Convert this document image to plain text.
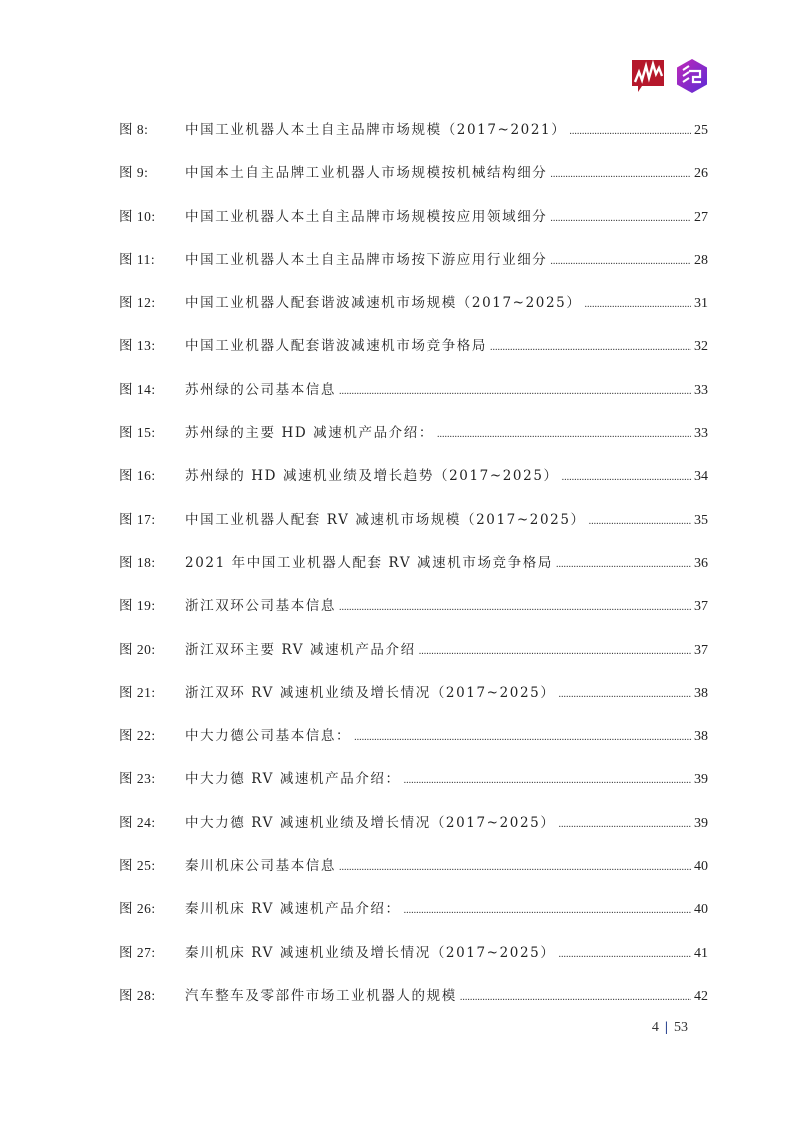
图 8:	中国工业机器人本土自主品牌市场规模（2017~2021） .....	25
图 9:	中国本土自主品牌工业机器人市场规模按机械结构细分 .....	26
图 10:	中国工业机器人本土自主品牌市场规模按应用领域细分 .....	27
图 11:	中国工业机器人本土自主品牌市场按下游应用行业细分 .....	28
图 12:	中国工业机器人配套谐波减速机市场规模（2017~2025） .....	31
图 13:	中国工业机器人配套谐波减速机市场竞争格局 .....	32
图 14:	苏州绿的公司基本信息 .....	33
图 15:	苏州绿的主要 HD 减速机产品介绍： .....	33
图 16:	苏州绿的 HD 减速机业绩及增长趋势（2017~2025） .....	34
图 17:	中国工业机器人配套 RV 减速机市场规模（2017~2025） .....	35
图 18:	2021 年中国工业机器人配套 RV 减速机市场竞争格局 .....	36
图 19:	浙江双环公司基本信息 .....	37
图 20:	浙江双环主要 RV 减速机产品介绍 .....	37
图 21:	浙江双环 RV 减速机业绩及增长情况（2017~2025） .....	38
图 22:	中大力德公司基本信息： .....	38
图 23:	中大力德 RV 减速机产品介绍： .....	39
图 24:	中大力德 RV 减速机业绩及增长情况（2017~2025） .....	39
图 25:	秦川机床公司基本信息 .....	40
图 26:	秦川机床 RV 减速机产品介绍： .....	40
图 27:	秦川机床 RV 减速机业绩及增长情况（2017~2025） .....	41
图 28:	汽车整车及零部件市场工业机器人的规模 .....	42
4 | 53
